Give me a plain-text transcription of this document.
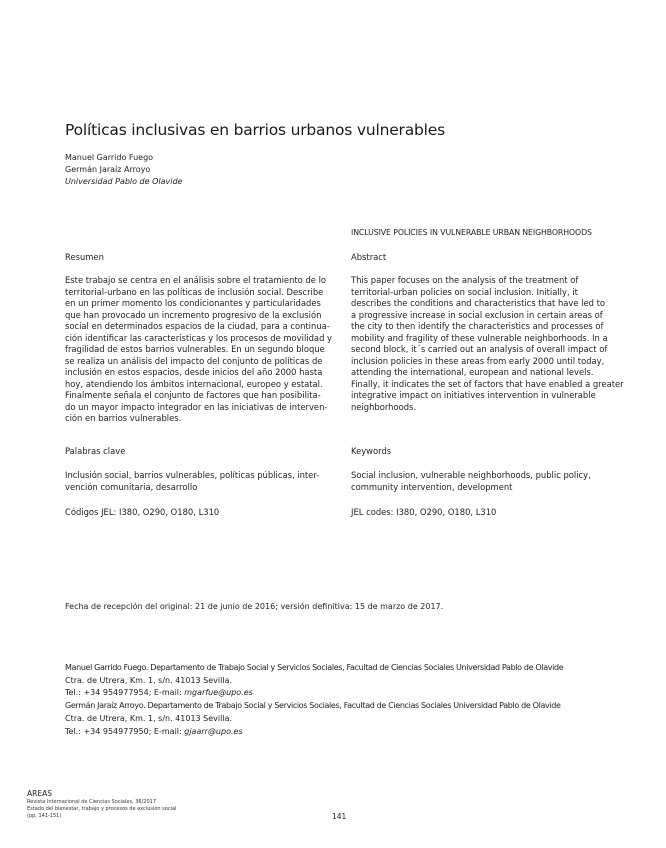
Políticas inclusivas en barrios urbanos vulnerables
Manuel Garrido Fuego
Germán Jaraíz Arroyo
Universidad Pablo de Olavide
INCLUSIVE POLICIES IN VULNERABLE URBAN NEIGHBORHOODS
Resumen	Abstract
Este trabajo se centra en el análisis sobre el tratamiento de lo
territorial-urbano en las políticas de inclusión social. Describe
en un primer momento los condicionantes y particularidades
que han provocado un incremento progresivo de la exclusión
social en determinados espacios de la ciudad, para a continua-
ción identificar las características y los procesos de movilidad y
fragilidad de estos barrios vulnerables. En un segundo bloque
se realiza un análisis del impacto del conjunto de políticas de
inclusión en estos espacios, desde inicios del año 2000 hasta
hoy, atendiendo los ámbitos internacional, europeo y estatal.
Finalmente señala el conjunto de factores que han posibilita-
do un mayor impacto integrador en las iniciativas de interven-
ción en barrios vulnerables.
This paper focuses on the analysis of the treatment of
territorial-urban policies on social inclusion. Initially, it
describes the conditions and characteristics that have led to
a progressive increase in social exclusion in certain areas of
the city to then identify the characteristics and processes of
mobility and fragility of these vulnerable neighborhoods. In a
second block, it´s carried out an analysis of overall impact of
inclusion policies in these areas from early 2000 until today,
attending the international, european and national levels.
Finally, it indicates the set of factors that have enabled a greater
integrative impact on initiatives intervention in vulnerable
neighborhoods.
Palabras clave	Keywords
Inclusión social, barrios vulnerables, políticas públicas, inter-
vención comunitaria, desarrollo
Social inclusion, vulnerable neighborhoods, public policy,
community intervention, development
Códigos JEL: I380, O290, O180, L310	JEL codes: I380, O290, O180, L310
Fecha de recepción del original: 21 de junio de 2016; versión definitiva: 15 de marzo de 2017.
Manuel Garrido Fuego. Departamento de Trabajo Social y Servicios Sociales, Facultad de Ciencias Sociales Universidad Pablo de Olavide
Ctra. de Utrera, Km. 1, s/n. 41013 Sevilla.
Tel.: +34 954977954; E-mail: mgarfue@upo.es
Germán Jaraíz Arroyo. Departamento de Trabajo Social y Servicios Sociales, Facultad de Ciencias Sociales Universidad Pablo de Olavide
Ctra. de Utrera, Km. 1, s/n. 41013 Sevilla.
Tel.: +34 954977950; E-mail: gjaarr@upo.es
AREAS
Revista Internacional de Ciencias Sociales, 36/2017
Estado del bienestar, trabajo y procesos de exclusión social
(pp. 141-151)	141
